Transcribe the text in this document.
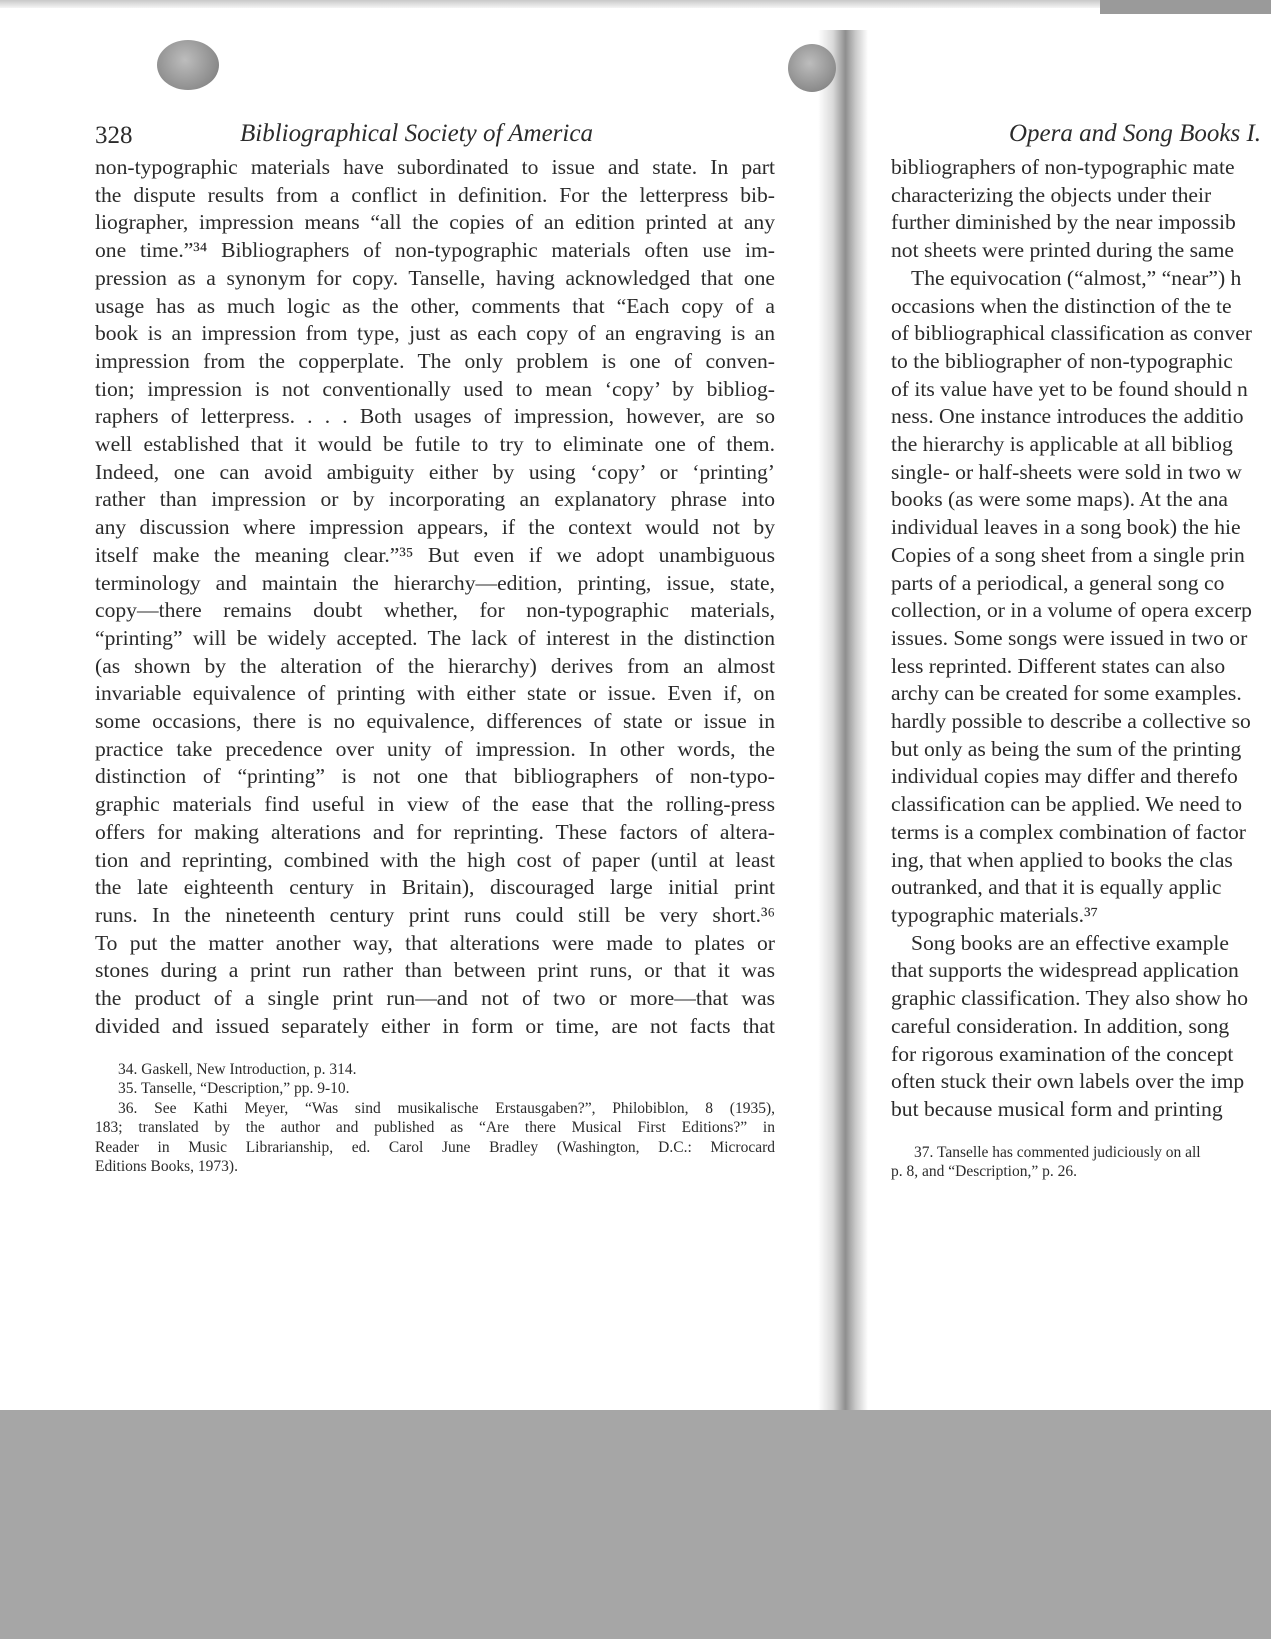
328	Bibliographical Society of America
non-typographic materials have subordinated to issue and state. In part
the dispute results from a conflict in definition. For the letterpress bib-
liographer, impression means “all the copies of an edition printed at any
one time.”³⁴ Bibliographers of non-typographic materials often use im-
pression as a synonym for copy. Tanselle, having acknowledged that one
usage has as much logic as the other, comments that “Each copy of a
book is an impression from type, just as each copy of an engraving is an
impression from the copperplate. The only problem is one of conven-
tion; impression is not conventionally used to mean ‘copy’ by bibliog-
raphers of letterpress. . . . Both usages of impression, however, are so
well established that it would be futile to try to eliminate one of them.
Indeed, one can avoid ambiguity either by using ‘copy’ or ‘printing’
rather than impression or by incorporating an explanatory phrase into
any discussion where impression appears, if the context would not by
itself make the meaning clear.”³⁵ But even if we adopt unambiguous
terminology and maintain the hierarchy—edition, printing, issue, state,
copy—there remains doubt whether, for non-typographic materials,
“printing” will be widely accepted. The lack of interest in the distinction
(as shown by the alteration of the hierarchy) derives from an almost
invariable equivalence of printing with either state or issue. Even if, on
some occasions, there is no equivalence, differences of state or issue in
practice take precedence over unity of impression. In other words, the
distinction of “printing” is not one that bibliographers of non-typo-
graphic materials find useful in view of the ease that the rolling-press
offers for making alterations and for reprinting. These factors of altera-
tion and reprinting, combined with the high cost of paper (until at least
the late eighteenth century in Britain), discouraged large initial print
runs. In the nineteenth century print runs could still be very short.³⁶
To put the matter another way, that alterations were made to plates or
stones during a print run rather than between print runs, or that it was
the product of a single print run—and not of two or more—that was
divided and issued separately either in form or time, are not facts that
34. Gaskell, New Introduction, p. 314.
35. Tanselle, “Description,” pp. 9-10.
36. See Kathi Meyer, “Was sind musikalische Erstausgaben?”, Philobiblon, 8 (1935),
183; translated by the author and published as “Are there Musical First Editions?” in
Reader in Music Librarianship, ed. Carol June Bradley (Washington, D.C.: Microcard
Editions Books, 1973).
Opera and Song Books I.
bibliographers of non-typographic mate
characterizing the objects under their
further diminished by the near impossib
not sheets were printed during the same
The equivocation (“almost,” “near”) h
occasions when the distinction of the te
of bibliographical classification as conver
to the bibliographer of non-typographic
of its value have yet to be found should n
ness. One instance introduces the additio
the hierarchy is applicable at all bibliog
single- or half-sheets were sold in two w
books (as were some maps). At the ana
individual leaves in a song book) the hie
Copies of a song sheet from a single prin
parts of a periodical, a general song co
collection, or in a volume of opera excerp
issues. Some songs were issued in two or
less reprinted. Different states can also
archy can be created for some examples.
hardly possible to describe a collective so
but only as being the sum of the printing
individual copies may differ and therefo
classification can be applied. We need to
terms is a complex combination of factor
ing, that when applied to books the clas
outranked, and that it is equally applic
typographic materials.³⁷
Song books are an effective example
that supports the widespread application
graphic classification. They also show ho
careful consideration. In addition, song
for rigorous examination of the concept
often stuck their own labels over the imp
but because musical form and printing
37. Tanselle has commented judiciously on all
p. 8, and “Description,” p. 26.
